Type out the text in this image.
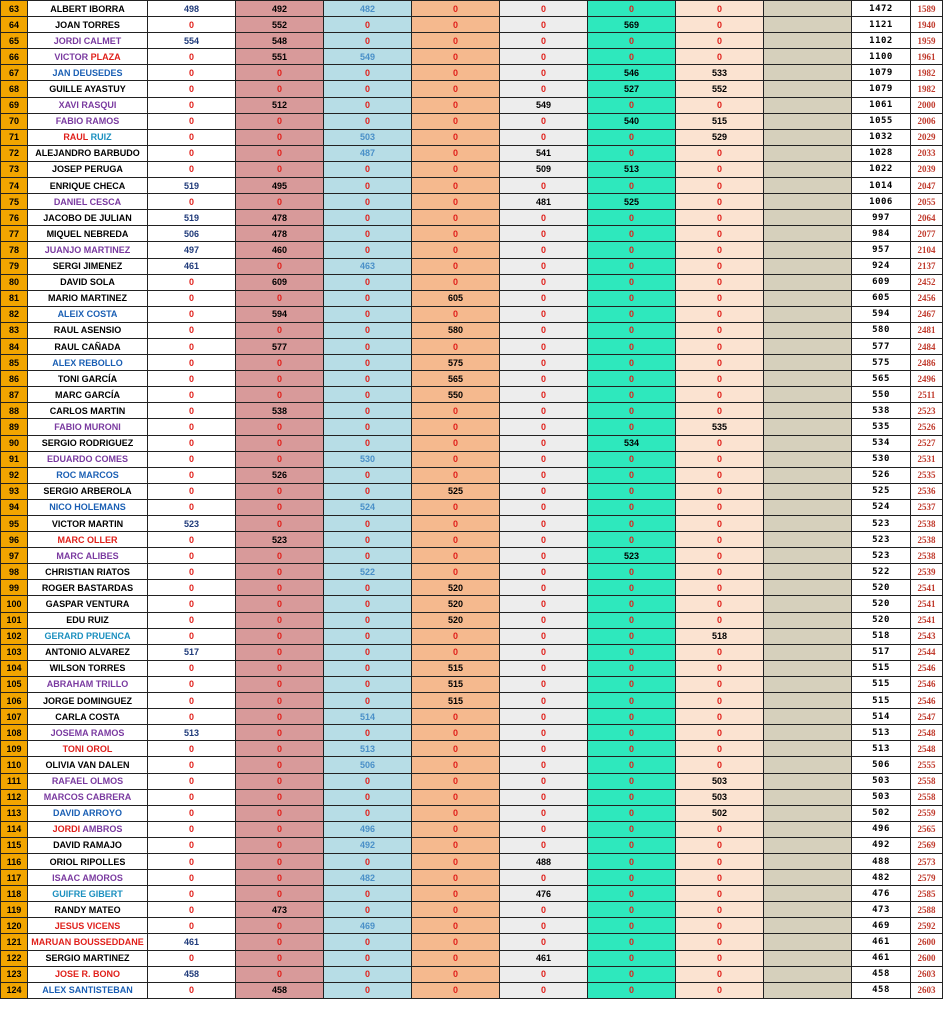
63	ALBERT IBORRA	498	492	482	0	0	0	0		1472	1589
64	JOAN TORRES	0	552	0	0	0	569	0		1121	1940
65	JORDI CALMET	554	548	0	0	0	0	0		1102	1959
66	VICTOR PLAZA	0	551	549	0	0	0	0		1100	1961
67	JAN DEUSEDES	0	0	0	0	0	546	533		1079	1982
68	GUILLE AYASTUY	0	0	0	0	0	527	552		1079	1982
69	XAVI RASQUI	0	512	0	0	549	0	0		1061	2000
70	FABIO RAMOS	0	0	0	0	0	540	515		1055	2006
71	RAUL RUIZ	0	0	503	0	0	0	529		1032	2029
72	ALEJANDRO BARBUDO	0	0	487	0	541	0	0		1028	2033
73	JOSEP PERUGA	0	0	0	0	509	513	0		1022	2039
74	ENRIQUE CHECA	519	495	0	0	0	0	0		1014	2047
75	DANIEL CESCA	0	0	0	0	481	525	0		1006	2055
76	JACOBO DE JULIAN	519	478	0	0	0	0	0		997	2064
77	MIQUEL NEBREDA	506	478	0	0	0	0	0		984	2077
78	JUANJO MARTINEZ	497	460	0	0	0	0	0		957	2104
79	SERGI JIMENEZ	461	0	463	0	0	0	0		924	2137
80	DAVID SOLA	0	609	0	0	0	0	0		609	2452
81	MARIO MARTINEZ	0	0	0	605	0	0	0		605	2456
82	ALEIX COSTA	0	594	0	0	0	0	0		594	2467
83	RAUL ASENSIO	0	0	0	580	0	0	0		580	2481
84	RAUL CAÑADA	0	577	0	0	0	0	0		577	2484
85	ALEX REBOLLO	0	0	0	575	0	0	0		575	2486
86	TONI GARCÍA	0	0	0	565	0	0	0		565	2496
87	MARC GARCÍA	0	0	0	550	0	0	0		550	2511
88	CARLOS MARTIN	0	538	0	0	0	0	0		538	2523
89	FABIO MURONI	0	0	0	0	0	0	535		535	2526
90	SERGIO RODRIGUEZ	0	0	0	0	0	534	0		534	2527
91	EDUARDO COMES	0	0	530	0	0	0	0		530	2531
92	ROC MARCOS	0	526	0	0	0	0	0		526	2535
93	SERGIO ARBEROLA	0	0	0	525	0	0	0		525	2536
94	NICO HOLEMANS	0	0	524	0	0	0	0		524	2537
95	VICTOR MARTIN	523	0	0	0	0	0	0		523	2538
96	MARC OLLER	0	523	0	0	0	0	0		523	2538
97	MARC ALIBES	0	0	0	0	0	523	0		523	2538
98	CHRISTIAN RIATOS	0	0	522	0	0	0	0		522	2539
99	ROGER BASTARDAS	0	0	0	520	0	0	0		520	2541
100	GASPAR VENTURA	0	0	0	520	0	0	0		520	2541
101	EDU RUIZ	0	0	0	520	0	0	0		520	2541
102	GERARD PRUENCA	0	0	0	0	0	0	518		518	2543
103	ANTONIO ALVAREZ	517	0	0	0	0	0	0		517	2544
104	WILSON TORRES	0	0	0	515	0	0	0		515	2546
105	ABRAHAM TRILLO	0	0	0	515	0	0	0		515	2546
106	JORGE DOMINGUEZ	0	0	0	515	0	0	0		515	2546
107	CARLA COSTA	0	0	514	0	0	0	0		514	2547
108	JOSEMA RAMOS	513	0	0	0	0	0	0		513	2548
109	TONI OROL	0	0	513	0	0	0	0		513	2548
110	OLIVIA VAN DALEN	0	0	506	0	0	0	0		506	2555
111	RAFAEL OLMOS	0	0	0	0	0	0	503		503	2558
112	MARCOS CABRERA	0	0	0	0	0	0	503		503	2558
113	DAVID ARROYO	0	0	0	0	0	0	502		502	2559
114	JORDI AMBROS	0	0	496	0	0	0	0		496	2565
115	DAVID RAMAJO	0	0	492	0	0	0	0		492	2569
116	ORIOL RIPOLLES	0	0	0	0	488	0	0		488	2573
117	ISAAC AMOROS	0	0	482	0	0	0	0		482	2579
118	GUIFRE GIBERT	0	0	0	0	476	0	0		476	2585
119	RANDY MATEO	0	473	0	0	0	0	0		473	2588
120	JESUS VICENS	0	0	469	0	0	0	0		469	2592
121	MARUAN BOUSSEDDANE	461	0	0	0	0	0	0		461	2600
122	SERGIO MARTINEZ	0	0	0	0	461	0	0		461	2600
123	JOSE R. BONO	458	0	0	0	0	0	0		458	2603
124	ALEX SANTISTEBAN	0	458	0	0	0	0	0		458	2603
